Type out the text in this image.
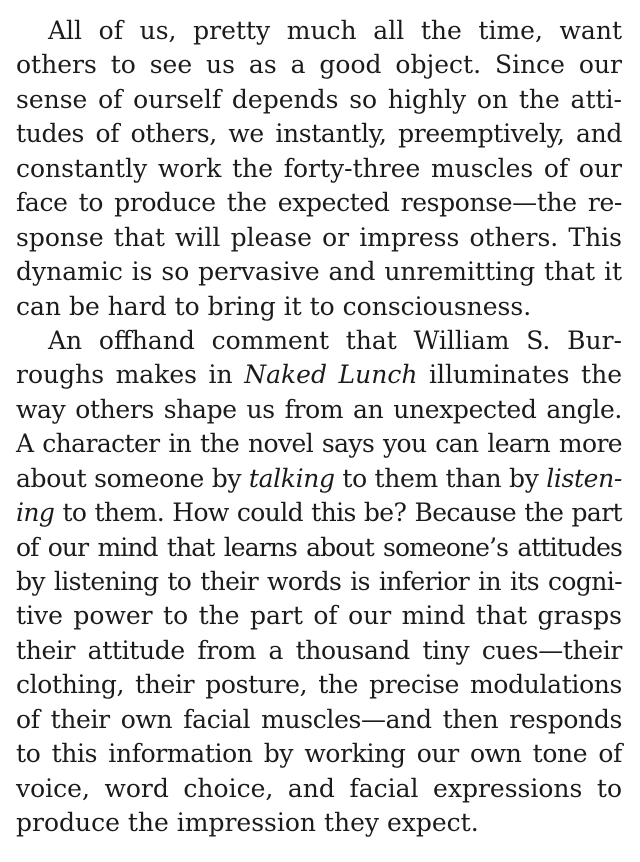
All of us, pretty much all the time, want
others to see us as a good object. Since our
sense of ourself depends so highly on the atti-
tudes of others, we instantly, preemptively, and
constantly work the forty-three muscles of our
face to produce the expected response—the re-
sponse that will please or impress others. This
dynamic is so pervasive and unremitting that it
can be hard to bring it to consciousness.
An offhand comment that William S. Bur-
roughs makes in Naked Lunch illuminates the
way others shape us from an unexpected angle.
A character in the novel says you can learn more
about someone by talking to them than by listen-
ing to them. How could this be? Because the part
of our mind that learns about someone’s attitudes
by listening to their words is inferior in its cogni-
tive power to the part of our mind that grasps
their attitude from a thousand tiny cues—their
clothing, their posture, the precise modulations
of their own facial muscles—and then responds
to this information by working our own tone of
voice, word choice, and facial expressions to
produce the impression they expect.
